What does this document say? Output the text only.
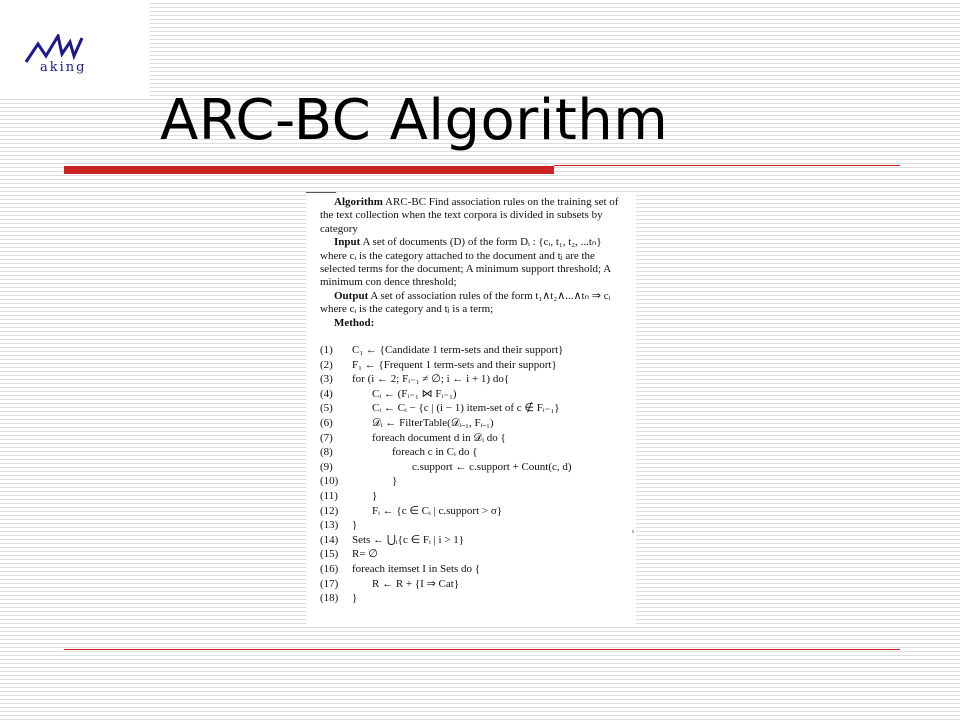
aking
ARC-BC Algorithm

Algorithm ARC-BC Find association rules on the training set of the text collection when the text corpora is divided in subsets by category

Input A set of documents (D) of the form Dᵢ : {cᵢ, t₁, t₂, ...tₙ} where cᵢ is the category attached to the document and tⱼ are the selected terms for the document; A minimum support threshold; A minimum con dence threshold;

Output A set of association rules of the form t₁∧t₂∧...∧tₙ ⇒ cᵢ where cᵢ is the category and tⱼ is a term;

Method:

(1)	C₁ ← {Candidate 1 term-sets and their support}
(2)	F₁ ← {Frequent 1 term-sets and their support}
(3)	for (i ← 2; Fᵢ₋₁ ≠ ∅; i ← i + 1) do{
(4)	Cᵢ ← (Fᵢ₋₁ ⋈ Fᵢ₋₁)
(5)	Cᵢ ← Cᵢ − {c | (i − 1) item-set of c ∉ Fᵢ₋₁}
(6)	𝒟ᵢ ← FilterTable(𝒟ᵢ₋₁, Fᵢ₋₁)
(7)	foreach document d in 𝒟ᵢ do {
(8)	foreach c in Cᵢ do {
(9)	c.support ← c.support + Count(c, d)
(10)	}
(11)	}
(12)	Fᵢ ← {c ∈ Cᵢ | c.support > σ}
(13)	}
(14)	Sets ← ⋃ᵢ{c ∈ Fᵢ | i > 1}
(15)	R= ∅
(16)	foreach itemset I in Sets do {
(17)	R ← R + {I ⇒ Cat}
(18)	}
